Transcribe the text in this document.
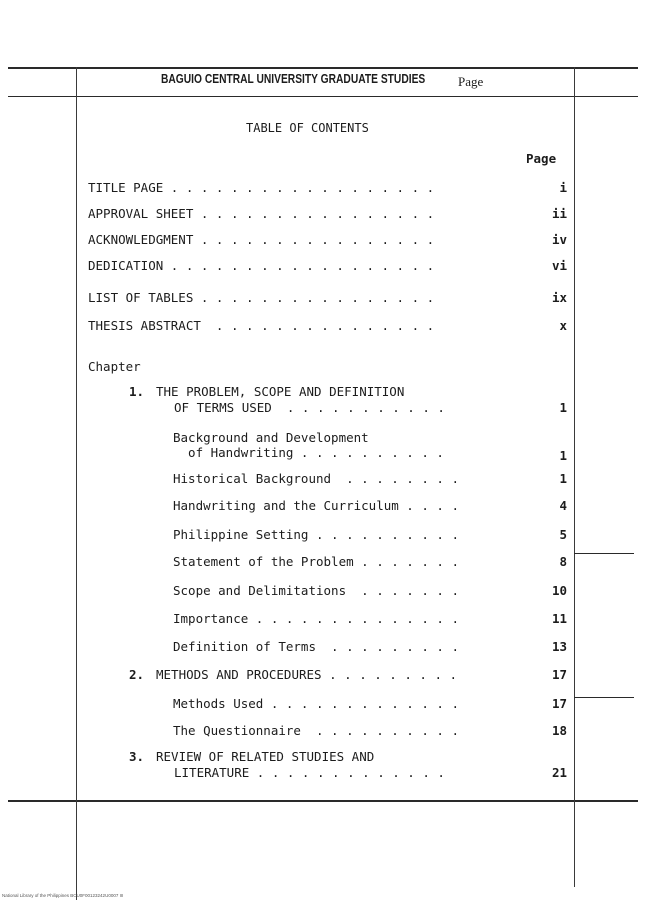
BAGUIO CENTRAL UNIVERSITY GRADUATE STUDIES	Page
TABLE OF CONTENTS
Page
TITLE PAGE . . . . . . . . . . . . . . . . . .	i
APPROVAL SHEET . . . . . . . . . . . . . . . .	ii
ACKNOWLEDGMENT . . . . . . . . . . . . . . . .	iv
DEDICATION . . . . . . . . . . . . . . . . . .	vi
LIST OF TABLES . . . . . . . . . . . . . . . .	ix
THESIS ABSTRACT  . . . . . . . . . . . . . . .	x
Chapter
1. THE PROBLEM, SCOPE AND DEFINITION
OF TERMS USED  . . . . . . . . . . .	1
Background and Development
of Handwriting . . . . . . . . . .	1
Historical Background  . . . . . . . .	1
Handwriting and the Curriculum . . . .	4
Philippine Setting . . . . . . . . . .	5
Statement of the Problem . . . . . . .	8
Scope and Delimitations  . . . . . . .	10
Importance . . . . . . . . . . . . . .	11
Definition of Terms  . . . . . . . . .	13
2. METHODS AND PROCEDURES . . . . . . . . .	17
Methods Used . . . . . . . . . . . . .	17
The Questionnaire  . . . . . . . . . .	18
3. REVIEW OF RELATED STUDIES AND
LITERATURE . . . . . . . . . . . . .	21
National Library of the Philippines BCU0F00123242U0007 III
